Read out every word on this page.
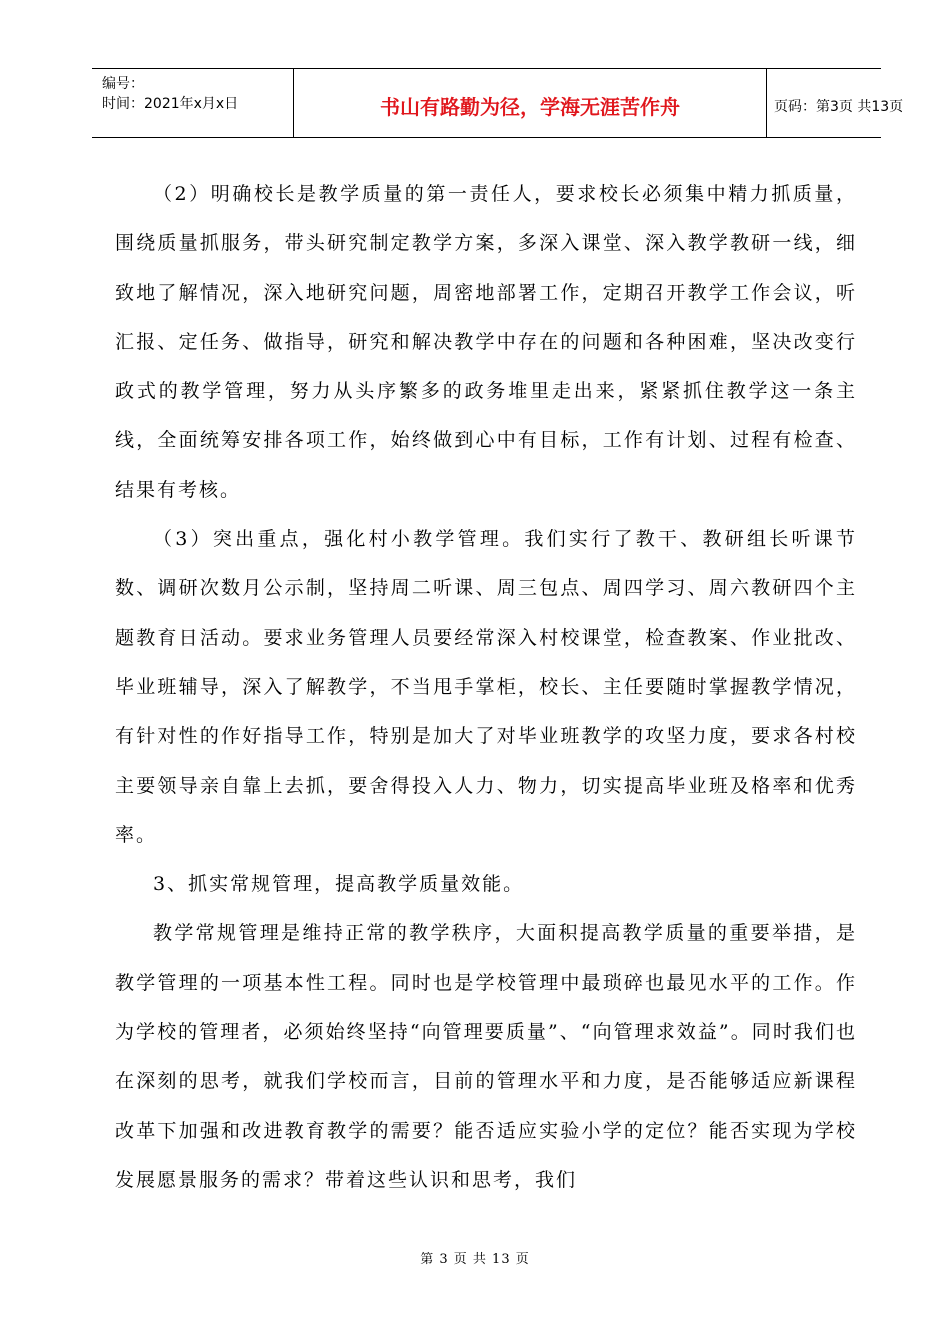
编号：
时间：2021年x月x日	书山有路勤为径，学海无涯苦作舟	页码：第3页 共13页

（2）明确校长是教学质量的第一责任人，要求校长必须集中精力抓质量，围绕质量抓服务，带头研究制定教学方案，多深入课堂、深入教学教研一线，细致地了解情况，深入地研究问题，周密地部署工作，定期召开教学工作会议，听汇报、定任务、做指导，研究和解决教学中存在的问题和各种困难，坚决改变行政式的教学管理，努力从头序繁多的政务堆里走出来，紧紧抓住教学这一条主线，全面统筹安排各项工作，始终做到心中有目标，工作有计划、过程有检查、结果有考核。

（3）突出重点，强化村小教学管理。我们实行了教干、教研组长听课节数、调研次数月公示制，坚持周二听课、周三包点、周四学习、周六教研四个主题教育日活动。要求业务管理人员要经常深入村校课堂，检查教案、作业批改、毕业班辅导，深入了解教学，不当甩手掌柜，校长、主任要随时掌握教学情况，有针对性的作好指导工作，特别是加大了对毕业班教学的攻坚力度，要求各村校主要领导亲自靠上去抓，要舍得投入人力、物力，切实提高毕业班及格率和优秀率。

3、抓实常规管理，提高教学质量效能。

教学常规管理是维持正常的教学秩序，大面积提高教学质量的重要举措，是教学管理的一项基本性工程。同时也是学校管理中最琐碎也最见水平的工作。作为学校的管理者，必须始终坚持“向管理要质量”、“向管理求效益”。同时我们也在深刻的思考，就我们学校而言，目前的管理水平和力度，是否能够适应新课程改革下加强和改进教育教学的需要？能否适应实验小学的定位？能否实现为学校发展愿景服务的需求？带着这些认识和思考，我们

第 3 页 共 13 页
